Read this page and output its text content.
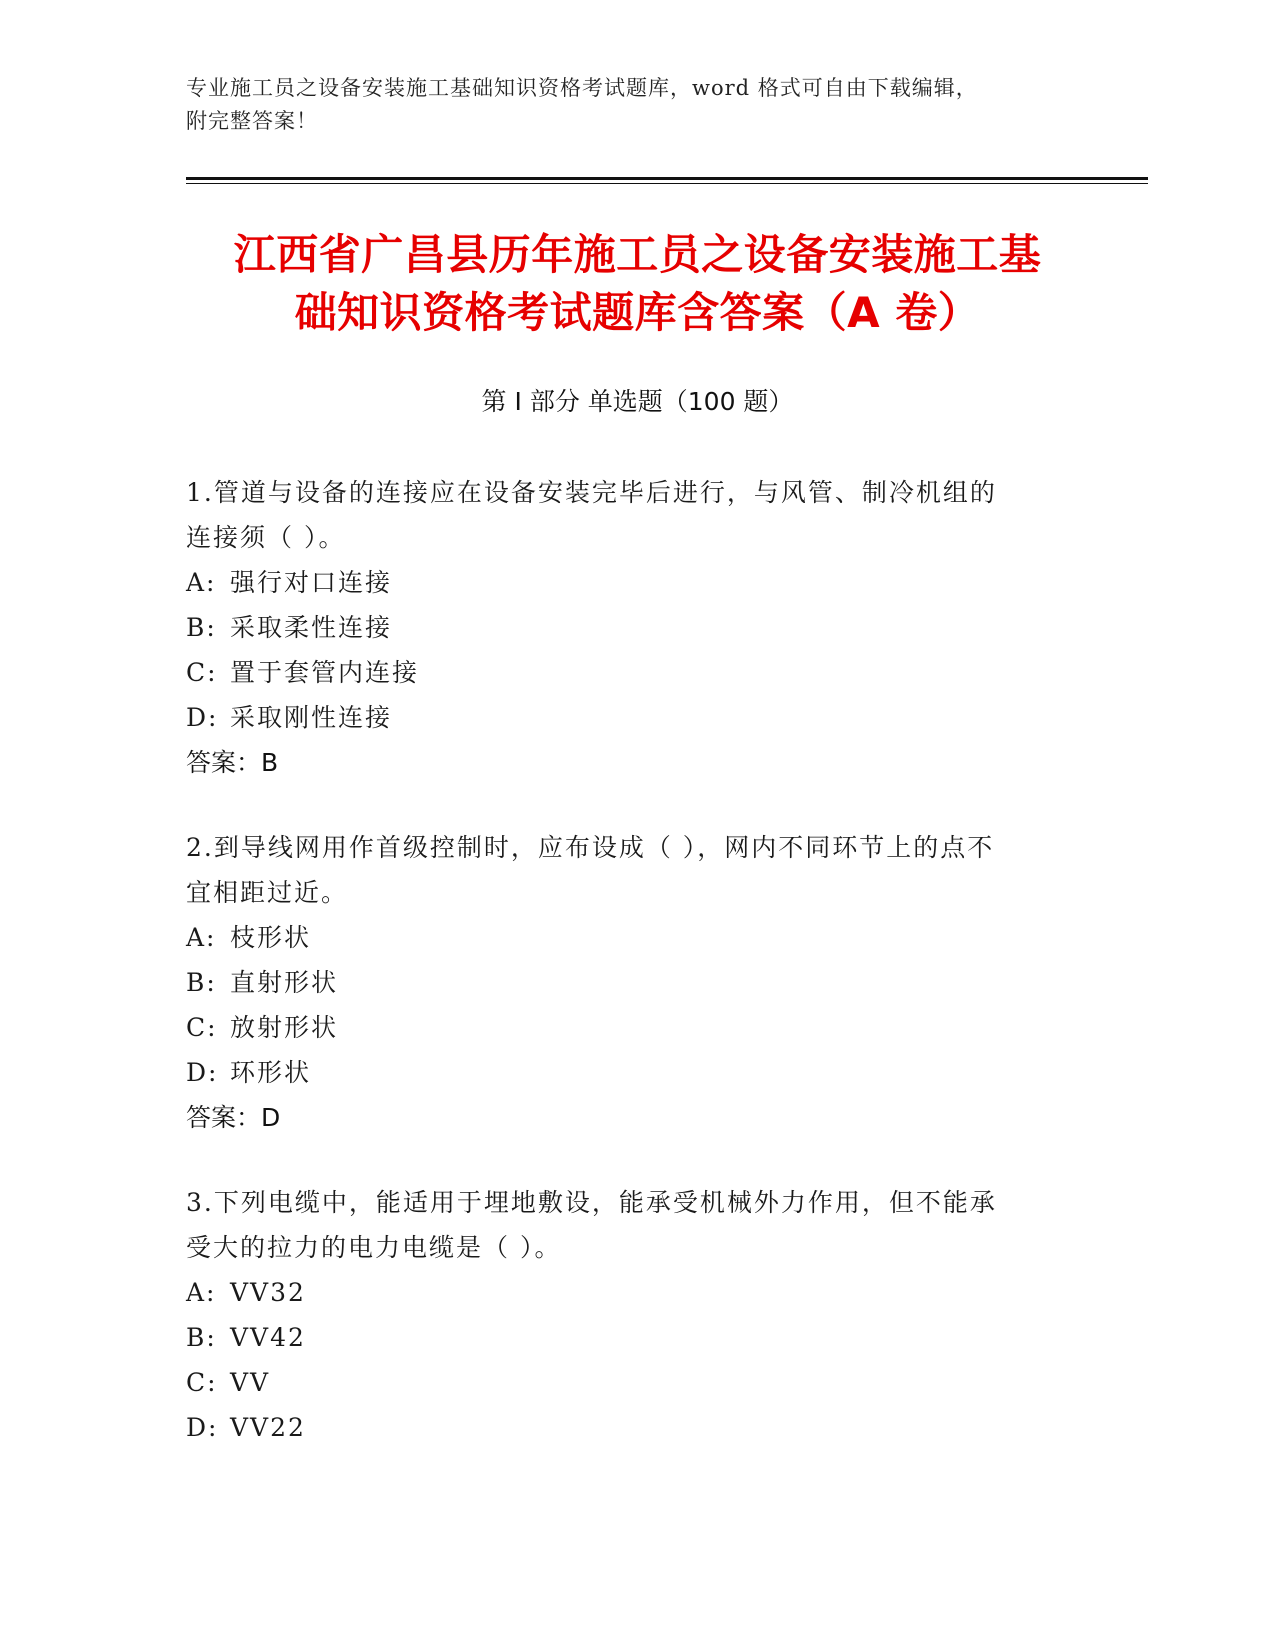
专业施工员之设备安装施工基础知识资格考试题库，word 格式可自由下载编辑，
附完整答案！
江西省广昌县历年施工员之设备安装施工基
础知识资格考试题库含答案（A 卷）
第 I 部分 单选题（100 题）

1.管道与设备的连接应在设备安装完毕后进行，与风管、制冷机组的
连接须（ ）。

A: 强行对口连接

B: 采取柔性连接

C: 置于套管内连接

D: 采取刚性连接

答案：B

2.到导线网用作首级控制时，应布设成（ ），网内不同环节上的点不
宜相距过近。

A: 枝形状

B: 直射形状

C: 放射形状

D: 环形状

答案：D

3.下列电缆中，能适用于埋地敷设，能承受机械外力作用，但不能承
受大的拉力的电力电缆是（ ）。

A: VV32

B: VV42

C: VV

D: VV22
